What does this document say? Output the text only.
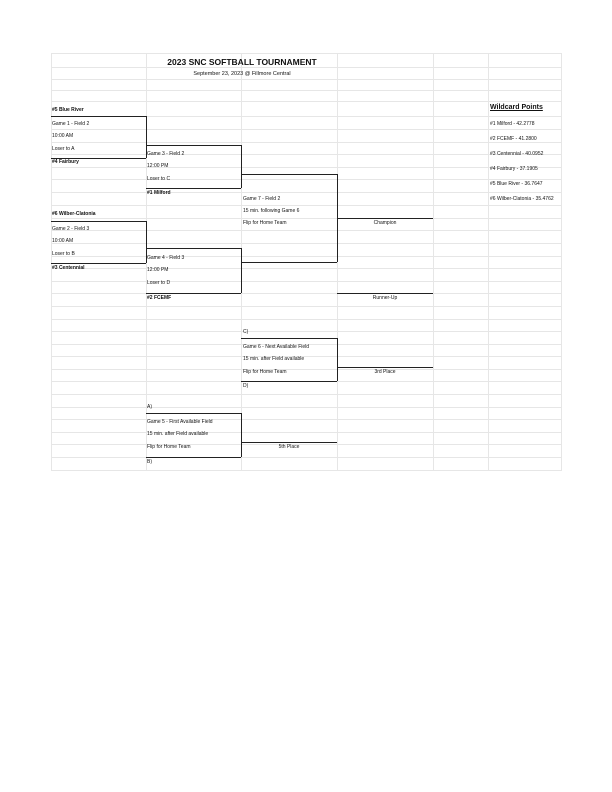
2023 SNC SOFTBALL TOURNAMENT
September 23, 2023 @ Fillmore Central
#5 Blue River
Game 1 - Field 2
10:00 AM
Loser to A
#4 Fairbury
Game 3 - Field 2
12:00 PM
Loser to C
#1 Milford
Game 7 - Field 2
15 min. following Game 6
Flip for Home Team	Champion
#6 Wilber-Clatonia
Game 2 - Field 3
10:00 AM
Loser to B
#3 Centennial
Game 4 - Field 3
12:00 PM
Loser to D
#2 FCEMF	Runner-Up
C)
Game 6 - Next Available Field
15 min. after Field available
Flip for Home Team	3rd Place
D)
A)
Game 5 - First Available Field
15 min. after Field available
Flip for Home Team	5th Place
B)
Wildcard Points
#1 Milford - 42.2778
#2 FCEMF - 41.2800
#3 Centennial - 40.0952
#4 Fairbury - 37.1905
#5 Blue River - 36.7647
#6 Wilber-Clatonia - 35.4762
